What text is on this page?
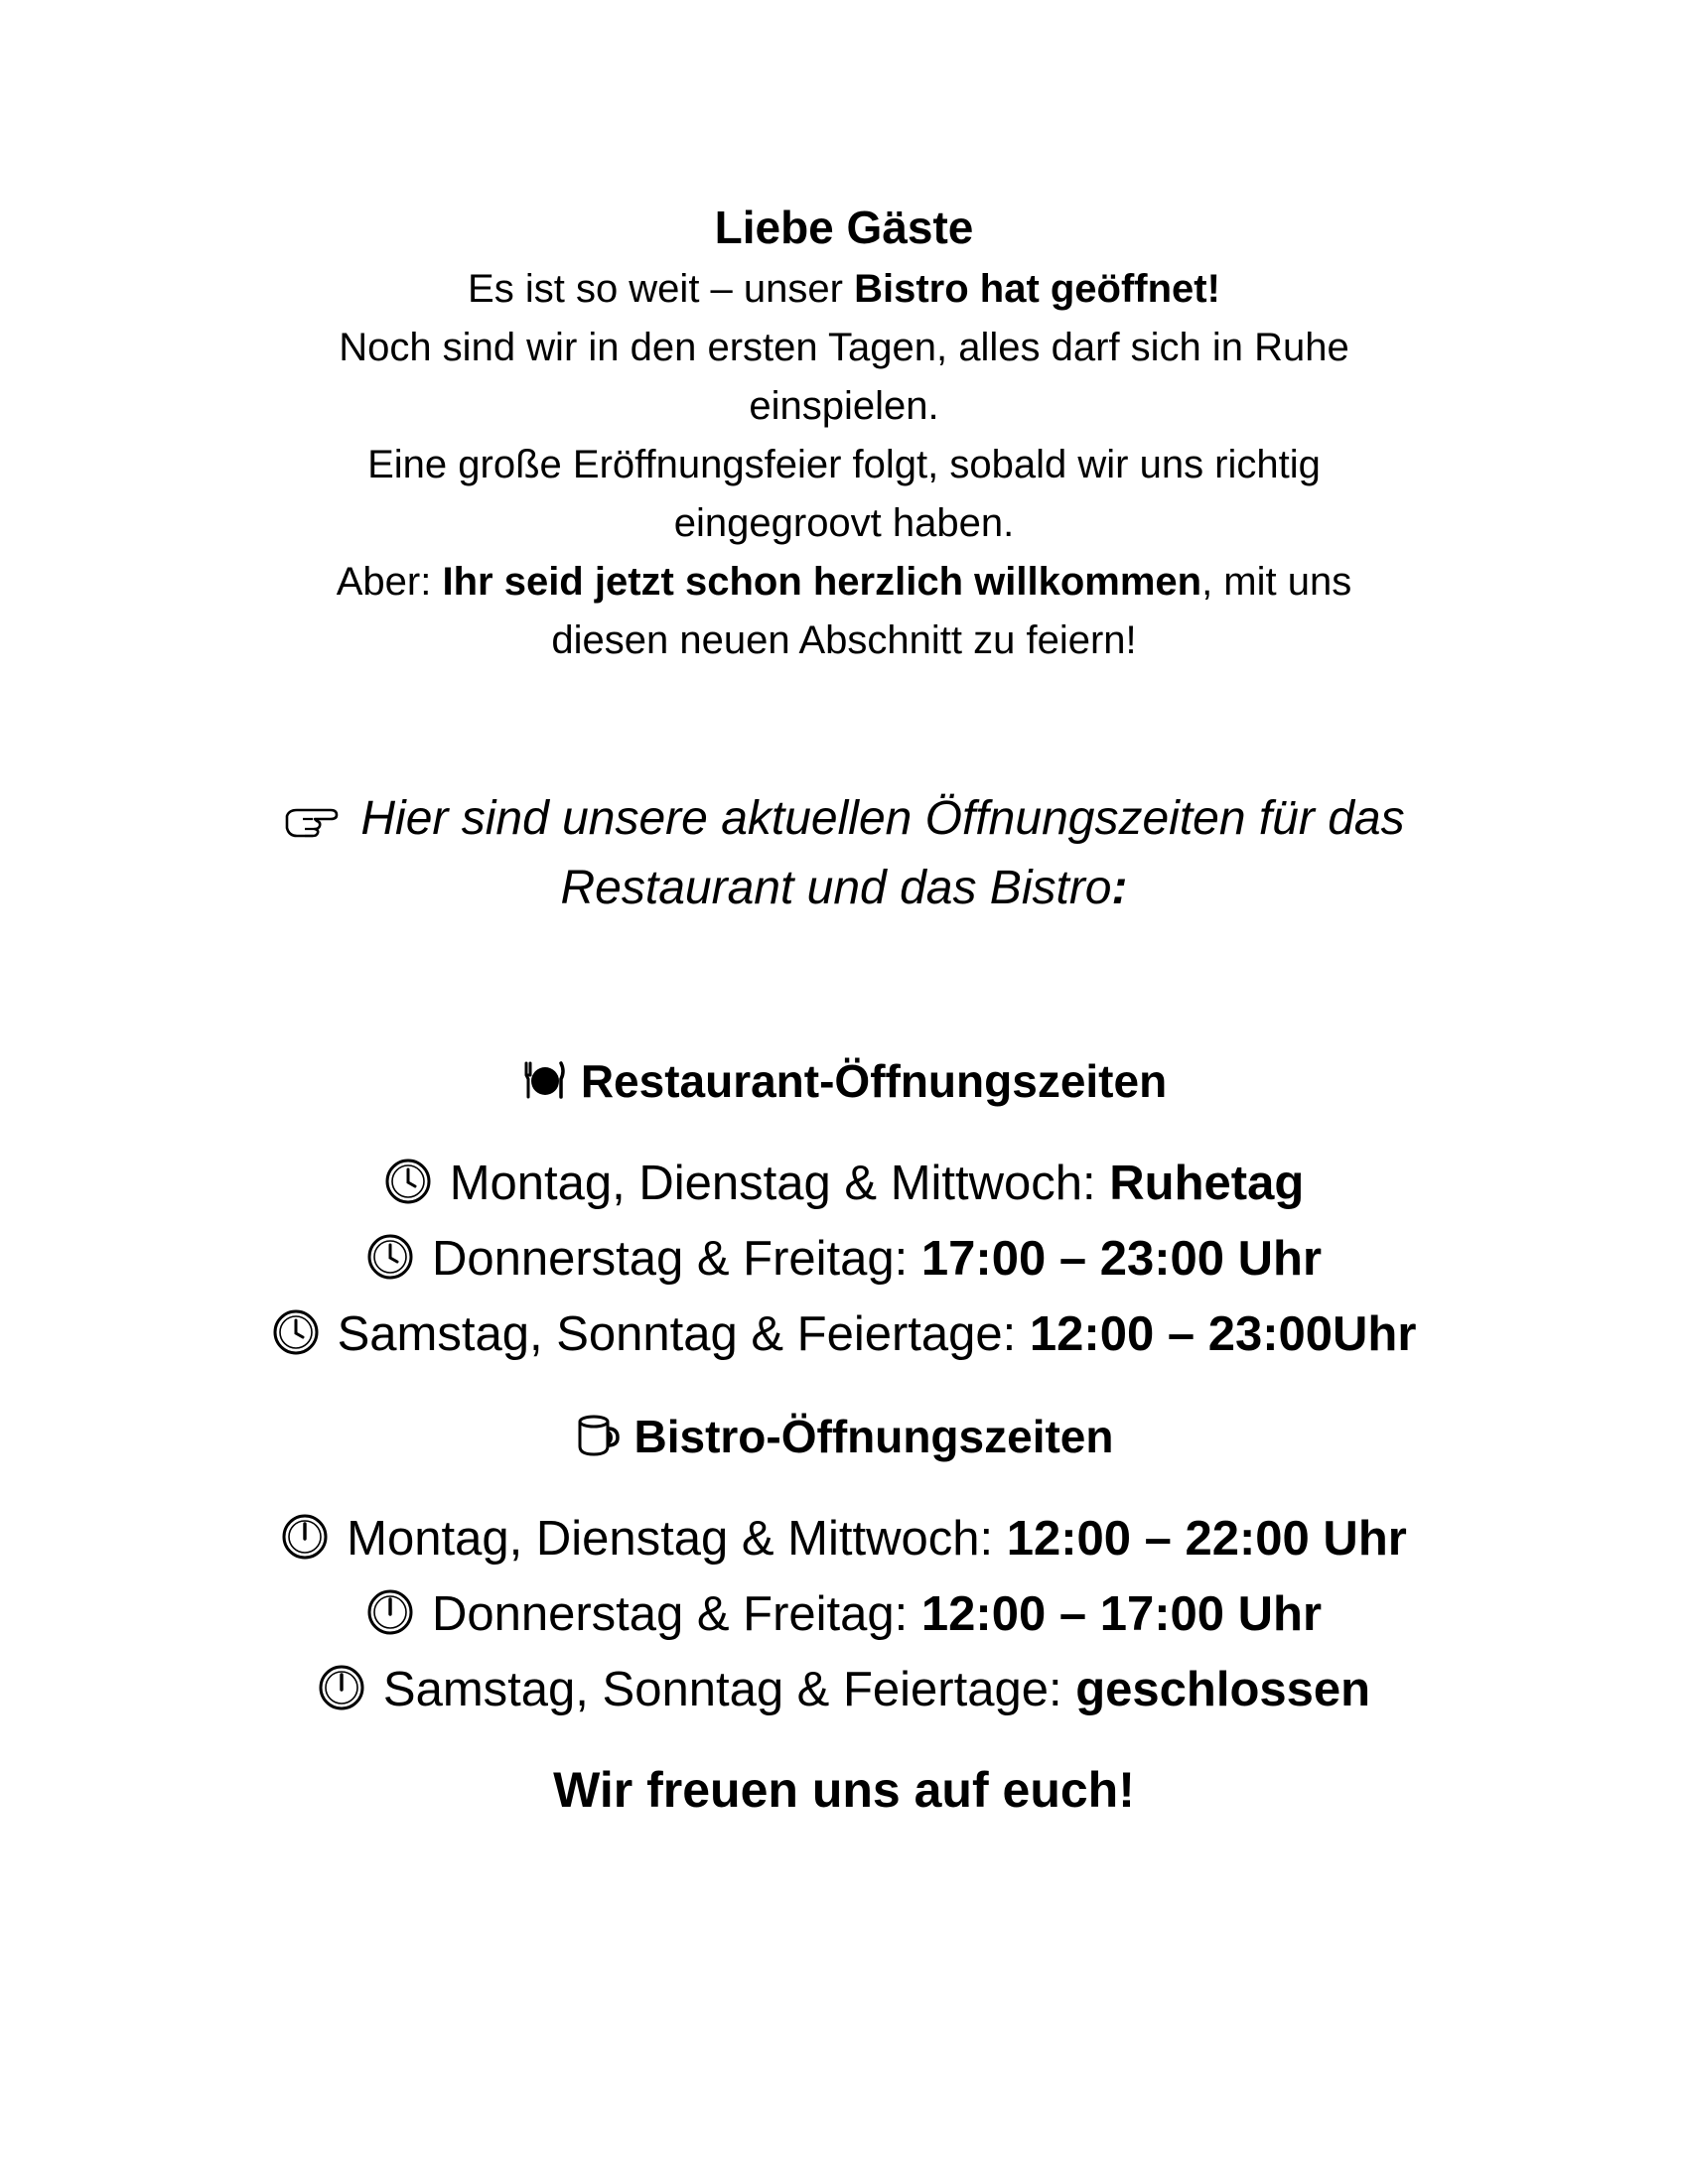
Liebe Gäste
Es ist so weit – unser Bistro hat geöffnet!
Noch sind wir in den ersten Tagen, alles darf sich in Ruhe
einspielen.
Eine große Eröffnungsfeier folgt, sobald wir uns richtig
eingegroovt haben.
Aber: Ihr seid jetzt schon herzlich willkommen, mit uns
diesen neuen Abschnitt zu feiern!
Hier sind unsere aktuellen Öffnungszeiten für das
Restaurant und das Bistro:
Restaurant-Öffnungszeiten
Montag, Dienstag & Mittwoch: Ruhetag
Donnerstag & Freitag: 17:00 – 23:00 Uhr
Samstag, Sonntag & Feiertage: 12:00 – 23:00Uhr
Bistro-Öffnungszeiten
Montag, Dienstag & Mittwoch: 12:00 – 22:00 Uhr
Donnerstag & Freitag: 12:00 – 17:00 Uhr
Samstag, Sonntag & Feiertage: geschlossen
Wir freuen uns auf euch!
